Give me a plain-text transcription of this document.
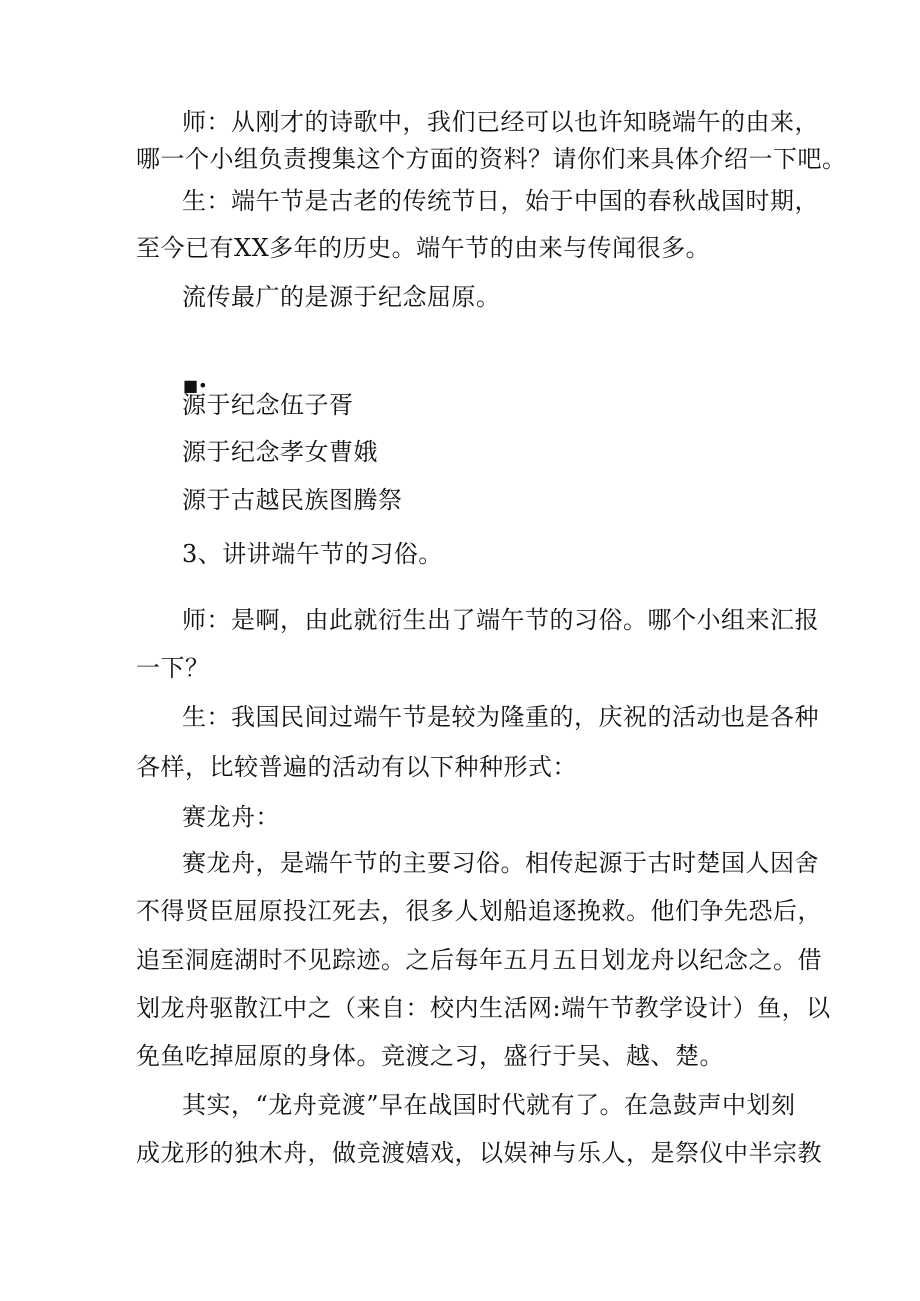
师：从刚才的诗歌中，我们已经可以也许知晓端午的由来，
哪一个小组负责搜集这个方面的资料？请你们来具体介绍一下吧。
生：端午节是古老的传统节日，始于中国的春秋战国时期，
至今已有XX多年的历史。端午节的由来与传闻很多。
流传最广的是源于纪念屈原。
■•
源于纪念伍子胥
源于纪念孝女曹娥
源于古越民族图腾祭
3、讲讲端午节的习俗。
师：是啊，由此就衍生出了端午节的习俗。哪个小组来汇报
一下？
生：我国民间过端午节是较为隆重的，庆祝的活动也是各种
各样，比较普遍的活动有以下种种形式：
赛龙舟：
赛龙舟，是端午节的主要习俗。相传起源于古时楚国人因舍
不得贤臣屈原投江死去，很多人划船追逐挽救。他们争先恐后，
追至洞庭湖时不见踪迹。之后每年五月五日划龙舟以纪念之。借
划龙舟驱散江中之（来自：校内生活网:端午节教学设计）鱼，以
免鱼吃掉屈原的身体。竞渡之习，盛行于吴、越、楚。
其实，“龙舟竞渡”早在战国时代就有了。在急鼓声中划刻
成龙形的独木舟，做竞渡嬉戏，以娱神与乐人，是祭仪中半宗教
